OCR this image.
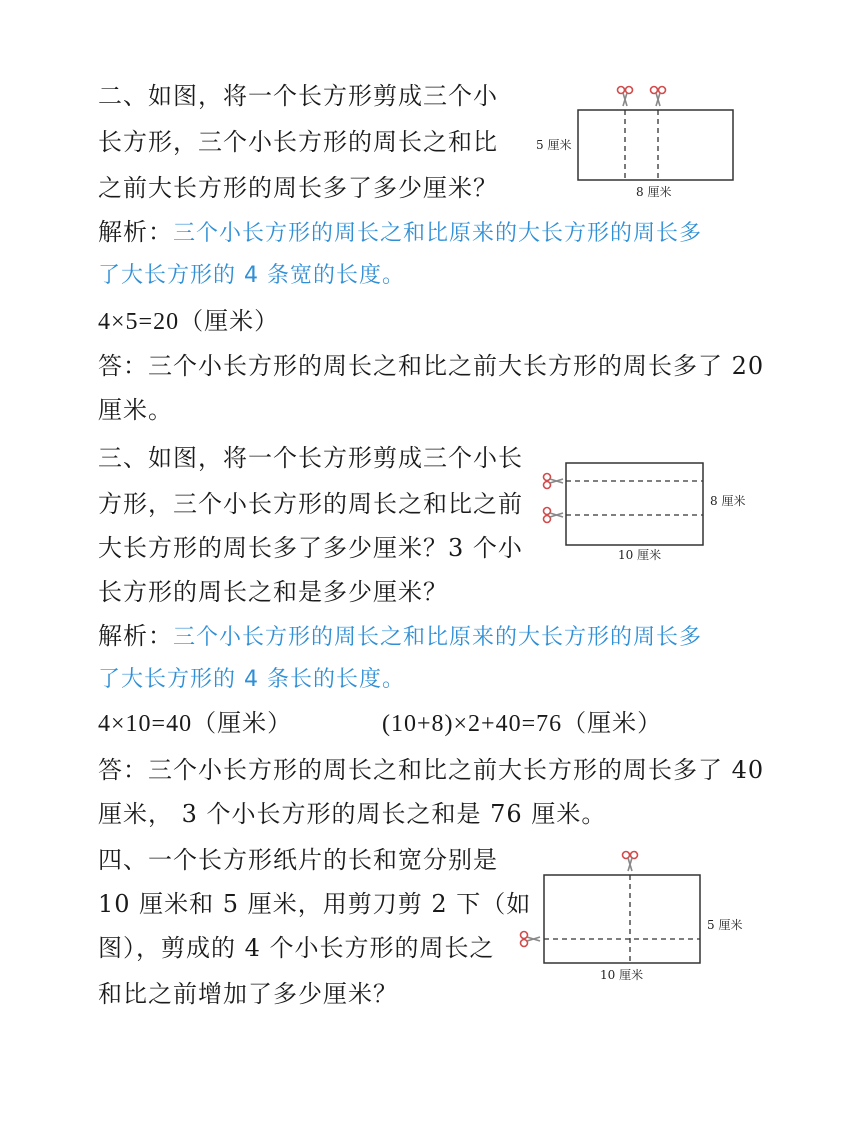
二、如图，将一个长方形剪成三个小
长方形，三个小长方形的周长之和比
之前大长方形的周长多了多少厘米？
5 厘米
8 厘米
解析：三个小长方形的周长之和比原来的大长方形的周长多
了大长方形的 4 条宽的长度。
4×5=20（厘米）
答：三个小长方形的周长之和比之前大长方形的周长多了 20
厘米。
三、如图，将一个长方形剪成三个小长
方形，三个小长方形的周长之和比之前
大长方形的周长多了多少厘米？3 个小
长方形的周长之和是多少厘米？
8 厘米
10 厘米
解析：三个小长方形的周长之和比原来的大长方形的周长多
了大长方形的 4 条长的长度。
4×10=40（厘米）	(10+8)×2+40=76（厘米）
答：三个小长方形的周长之和比之前大长方形的周长多了 40
厘米， 3 个小长方形的周长之和是 76 厘米。
四、一个长方形纸片的长和宽分别是
10 厘米和 5 厘米，用剪刀剪 2 下（如
图），剪成的 4 个小长方形的周长之
和比之前增加了多少厘米？
5 厘米
10 厘米
